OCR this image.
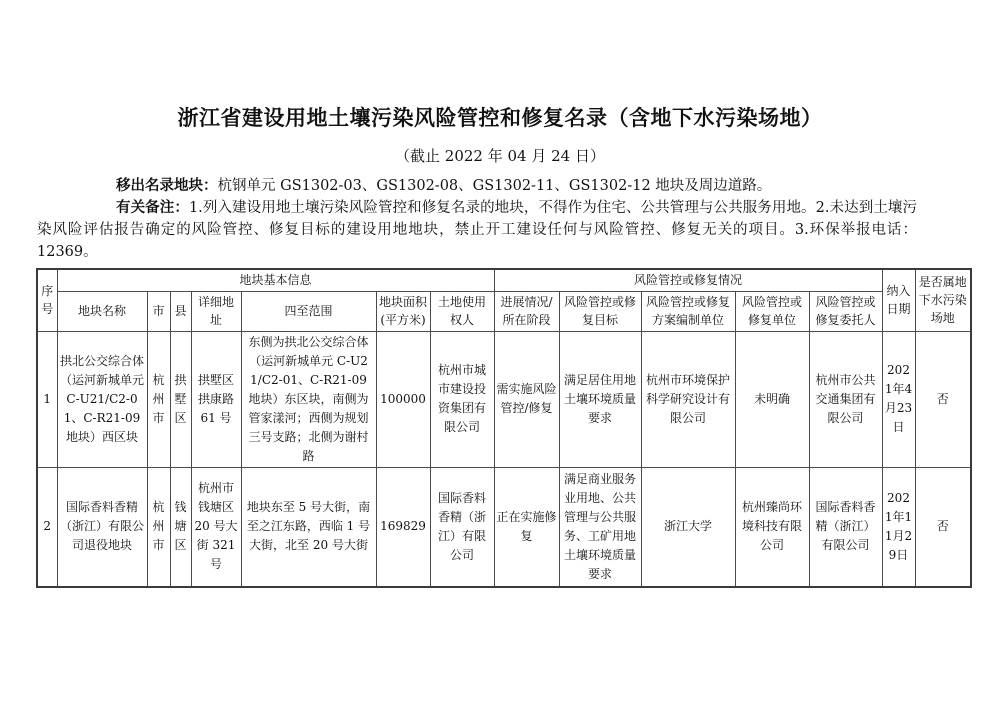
浙江省建设用地土壤污染风险管控和修复名录（含地下水污染场地）
（截止 2022 年 04 月 24 日）

移出名录地块：杭钢单元 GS1302-03、GS1302-08、GS1302-11、GS1302-12 地块及周边道路。

有关备注：1.列入建设用地土壤污染风险管控和修复名录的地块，不得作为住宅、公共管理与公共服务用地。2.未达到土壤污染风险评估报告确定的风险管控、修复目标的建设用地地块，禁止开工建设任何与风险管控、修复无关的项目。3.环保举报电话：12369。

序号	地块基本信息							风险管控或修复情况					纳入日期	是否属地下水污染场地
	地块名称	市	县	详细地址	四至范围	地块面积(平方米)	土地使用权人	进展情况/所在阶段	风险管控或修复目标	风险管控或修复方案编制单位	风险管控或修复单位	风险管控或修复委托人		
1	拱北公交综合体（运河新城单元 C-U21/C2-01、C-R21-09 地块）西区块	杭州市	拱墅区	拱墅区拱康路 61 号	东侧为拱北公交综合体（运河新城单元 C-U21/C2-01、C-R21-09 地块）东区块，南侧为管家漾河；西侧为规划三号支路；北侧为谢村路	100000	杭州市城市建设投资集团有限公司	需实施风险管控/修复	满足居住用地土壤环境质量要求	杭州市环境保护科学研究设计有限公司	未明确	杭州市公共交通集团有限公司	2021年4月23日	否
2	国际香料香精（浙江）有限公司退役地块	杭州市	钱塘区	杭州市钱塘区 20 号大街 321 号	地块东至 5 号大街，南至之江东路，西临 1 号大街，北至 20 号大街	169829	国际香料香精（浙江）有限公司	正在实施修复	满足商业服务业用地、公共管理与公共服务、工矿用地土壤环境质量要求	浙江大学	杭州臻尚环境科技有限公司	国际香料香精（浙江）有限公司	2021年11月29日	否
